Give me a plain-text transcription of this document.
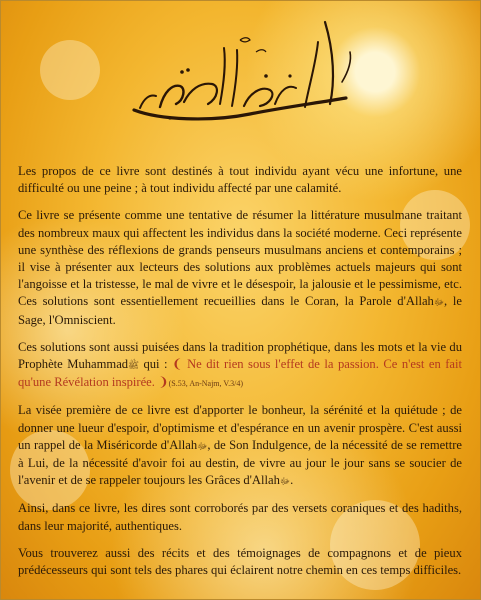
Les propos de ce livre sont destinés à tout individu ayant vécu une infortune, une difficulté ou une peine ; à tout individu affecté par une calamité.

Ce livre se présente comme une tentative de résumer la littérature musulmane traitant des nombreux maux qui affectent les individus dans la société moderne. Ceci représente une synthèse des réflexions de grands penseurs musulmans anciens et contemporains ; il vise à présenter aux lecteurs des solutions aux problèmes actuels majeurs qui sont l'angoisse et la tristesse, le mal de vivre et le désespoir, la jalousie et le pessimisme, etc. Ces solutions sont essentiellement recueillies dans le Coran, la Parole d'Allahﷻ, le Sage, l'Omniscient.

Ces solutions sont aussi puisées dans la tradition prophétique, dans les mots et la vie du Prophète Muhammadﷺ qui : ❨ Ne dit rien sous l'effet de la passion. Ce n'est en fait qu'une Révélation inspirée. ❩(S.53, An-Najm, V.3/4)

La visée première de ce livre est d'apporter le bonheur, la sérénité et la quiétude ; de donner une lueur d'espoir, d'optimisme et d'espérance en un avenir prospère. C'est aussi un rappel de la Miséricorde d'Allahﷻ, de Son Indulgence, de la nécessité de se remettre à Lui, de la nécessité d'avoir foi au destin, de vivre au jour le jour sans se soucier de l'avenir et de se rappeler toujours les Grâces d'Allahﷻ.

Ainsi, dans ce livre, les dires sont corroborés par des versets coraniques et des hadiths, dans leur majorité, authentiques.

Vous trouverez aussi des récits et des témoignages de compagnons et de pieux prédécesseurs qui sont tels des phares qui éclairent notre chemin en ces temps difficiles.
